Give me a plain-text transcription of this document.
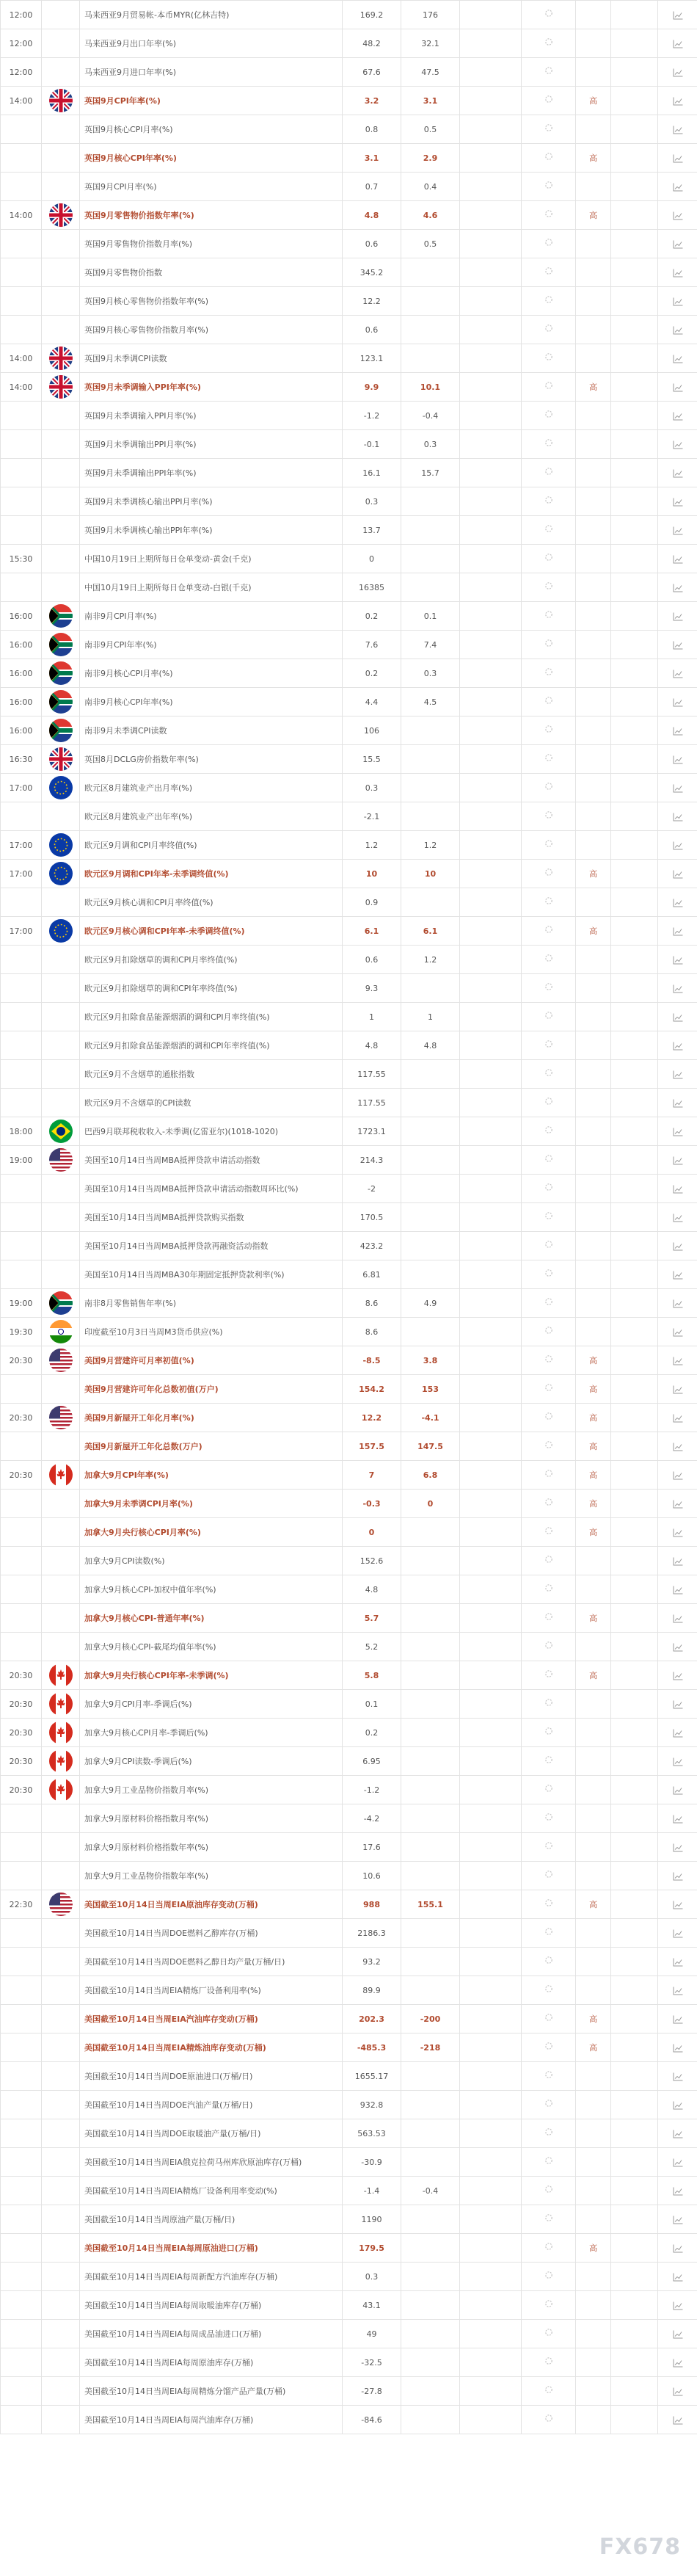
12:00		马来西亚9月贸易帐-本币MYR(亿林吉特)	169.2	176					
12:00		马来西亚9月出口年率(%)	48.2	32.1					
12:00		马来西亚9月进口年率(%)	67.6	47.5					
14:00		英国9月CPI年率(%)	3.2	3.1			高		
		英国9月核心CPI月率(%)	0.8	0.5					
		英国9月核心CPI年率(%)	3.1	2.9			高		
		英国9月CPI月率(%)	0.7	0.4					
14:00		英国9月零售物价指数年率(%)	4.8	4.6			高		
		英国9月零售物价指数月率(%)	0.6	0.5					
		英国9月零售物价指数	345.2						
		英国9月核心零售物价指数年率(%)	12.2						
		英国9月核心零售物价指数月率(%)	0.6						
14:00		英国9月未季调CPI读数	123.1						
14:00		英国9月未季调输入PPI年率(%)	9.9	10.1			高		
		英国9月未季调输入PPI月率(%)	-1.2	-0.4					
		英国9月未季调输出PPI月率(%)	-0.1	0.3					
		英国9月未季调输出PPI年率(%)	16.1	15.7					
		英国9月未季调核心输出PPI月率(%)	0.3						
		英国9月未季调核心输出PPI年率(%)	13.7						
15:30		中国10月19日上期所每日仓单变动-黄金(千克)	0						
		中国10月19日上期所每日仓单变动-白银(千克)	16385						
16:00		南非9月CPI月率(%)	0.2	0.1					
16:00		南非9月CPI年率(%)	7.6	7.4					
16:00		南非9月核心CPI月率(%)	0.2	0.3					
16:00		南非9月核心CPI年率(%)	4.4	4.5					
16:00		南非9月未季调CPI读数	106						
16:30		英国8月DCLG房价指数年率(%)	15.5						
17:00		欧元区8月建筑业产出月率(%)	0.3						
		欧元区8月建筑业产出年率(%)	-2.1						
17:00		欧元区9月调和CPI月率终值(%)	1.2	1.2					
17:00		欧元区9月调和CPI年率-未季调终值(%)	10	10			高		
		欧元区9月核心调和CPI月率终值(%)	0.9						
17:00		欧元区9月核心调和CPI年率-未季调终值(%)	6.1	6.1			高		
		欧元区9月扣除烟草的调和CPI月率终值(%)	0.6	1.2					
		欧元区9月扣除烟草的调和CPI年率终值(%)	9.3						
		欧元区9月扣除食品能源烟酒的调和CPI月率终值(%)	1	1					
		欧元区9月扣除食品能源烟酒的调和CPI年率终值(%)	4.8	4.8					
		欧元区9月不含烟草的通胀指数	117.55						
		欧元区9月不含烟草的CPI读数	117.55						
18:00		巴西9月联邦税收收入-未季调(亿雷亚尔)(1018-1020)	1723.1						
19:00		美国至10月14日当周MBA抵押贷款申请活动指数	214.3						
		美国至10月14日当周MBA抵押贷款申请活动指数周环比(%)	-2						
		美国至10月14日当周MBA抵押贷款购买指数	170.5						
		美国至10月14日当周MBA抵押贷款再融资活动指数	423.2						
		美国至10月14日当周MBA30年期固定抵押贷款利率(%)	6.81						
19:00		南非8月零售销售年率(%)	8.6	4.9					
19:30		印度截至10月3日当周M3货币供应(%)	8.6						
20:30		美国9月营建许可月率初值(%)	-8.5	3.8			高		
		美国9月营建许可年化总数初值(万户)	154.2	153			高		
20:30		美国9月新屋开工年化月率(%)	12.2	-4.1			高		
		美国9月新屋开工年化总数(万户)	157.5	147.5			高		
20:30		加拿大9月CPI年率(%)	7	6.8			高		
		加拿大9月未季调CPI月率(%)	-0.3	0			高		
		加拿大9月央行核心CPI月率(%)	0				高		
		加拿大9月CPI读数(%)	152.6						
		加拿大9月核心CPI-加权中值年率(%)	4.8						
		加拿大9月核心CPI-普通年率(%)	5.7				高		
		加拿大9月核心CPI-截尾均值年率(%)	5.2						
20:30		加拿大9月央行核心CPI年率-未季调(%)	5.8				高		
20:30		加拿大9月CPI月率-季调后(%)	0.1						
20:30		加拿大9月核心CPI月率-季调后(%)	0.2						
20:30		加拿大9月CPI读数-季调后(%)	6.95						
20:30		加拿大9月工业品物价指数月率(%)	-1.2						
		加拿大9月原材料价格指数月率(%)	-4.2						
		加拿大9月原材料价格指数年率(%)	17.6						
		加拿大9月工业品物价指数年率(%)	10.6						
22:30		美国截至10月14日当周EIA原油库存变动(万桶)	988	155.1			高		
		美国截至10月14日当周DOE燃料乙醇库存(万桶)	2186.3						
		美国截至10月14日当周DOE燃料乙醇日均产量(万桶/日)	93.2						
		美国截至10月14日当周EIA精炼厂设备利用率(%)	89.9						
		美国截至10月14日当周EIA汽油库存变动(万桶)	202.3	-200			高		
		美国截至10月14日当周EIA精炼油库存变动(万桶)	-485.3	-218			高		
		美国截至10月14日当周DOE原油进口(万桶/日)	1655.17						
		美国截至10月14日当周DOE汽油产量(万桶/日)	932.8						
		美国截至10月14日当周DOE取暖油产量(万桶/日)	563.53						
		美国截至10月14日当周EIA俄克拉荷马州库欣原油库存(万桶)	-30.9						
		美国截至10月14日当周EIA精炼厂设备利用率变动(%)	-1.4	-0.4					
		美国截至10月14日当周原油产量(万桶/日)	1190						
		美国截至10月14日当周EIA每周原油进口(万桶)	179.5				高		
		美国截至10月14日当周EIA每周新配方汽油库存(万桶)	0.3						
		美国截至10月14日当周EIA每周取暖油库存(万桶)	43.1						
		美国截至10月14日当周EIA每周成品油进口(万桶)	49						
		美国截至10月14日当周EIA每周原油库存(万桶)	-32.5						
		美国截至10月14日当周EIA每周精炼分馏产品产量(万桶)	-27.8						
		美国截至10月14日当周EIA每周汽油库存(万桶)	-84.6						
FX678
